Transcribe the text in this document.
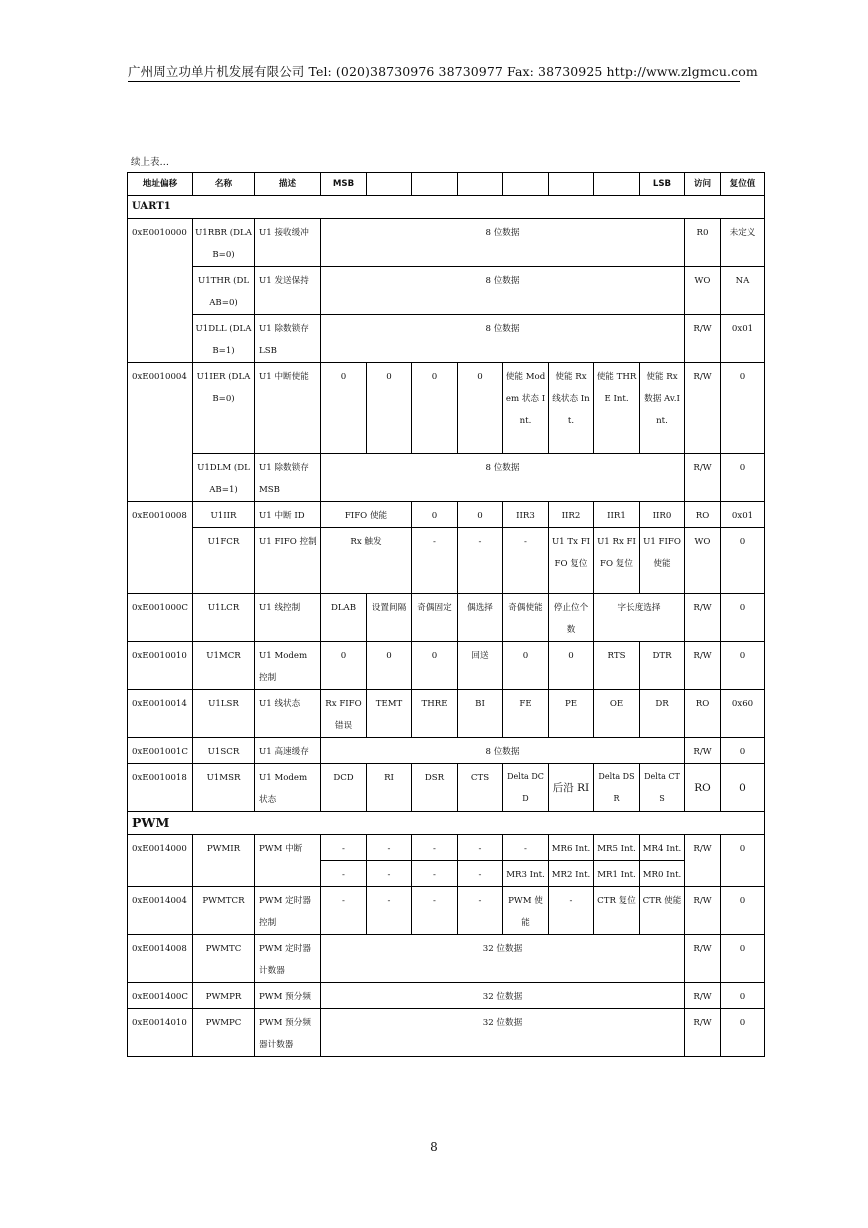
广州周立功单片机发展有限公司 Tel: (020)38730976 38730977 Fax: 38730925 http://www.zlgmcu.com
续上表…
地址偏移	名称	描述	MSB							LSB	访问	复位值
UART1												
0xE0010000	U1RBR (DLAB=0)	U1 接收缓冲	8 位数据								R0	未定义
	U1THR (DLAB=0)	U1 发送保持	8 位数据								WO	NA
	U1DLL (DLAB=1)	U1 除数锁存 LSB	8 位数据								R/W	0x01
0xE0010004	U1IER (DLAB=0)	U1 中断使能	0	0	0	0	使能 Modem 状态 Int.	使能 Rx 线状态 Int.	使能 THRE Int.	使能 Rx 数据 Av.Int.	R/W	0
	U1DLM (DLAB=1)	U1 除数锁存 MSB	8 位数据								R/W	0
0xE0010008	U1IIR	U1 中断 ID	FIFO 使能		0	0	IIR3	IIR2	IIR1	IIR0	RO	0x01
	U1FCR	U1 FIFO 控制	Rx 触发		-	-	-	U1 Tx FIFO 复位	U1 Rx FIFO 复位	U1 FIFO 使能	WO	0
0xE001000C	U1LCR	U1 线控制	DLAB	设置间隔	奇偶固定	偶选择	奇偶使能	停止位个数	字长度选择		R/W	0
0xE0010010	U1MCR	U1 Modem 控制	0	0	0	回送	0	0	RTS	DTR	R/W	0
0xE0010014	U1LSR	U1 线状态	Rx FIFO 错误	TEMT	THRE	BI	FE	PE	OE	DR	RO	0x60
0xE001001C	U1SCR	U1 高速缓存	8 位数据								R/W	0
0xE0010018	U1MSR	U1 Modem 状态	DCD	RI	DSR	CTS	Delta DCD	后沿 RI	Delta DSR	Delta CTS	RO	0
PWM												
0xE0014000	PWMIR	PWM 中断	-	-	-	-	-	MR6 Int.	MR5 Int.	MR4 Int.	R/W	0
			-	-	-	-	MR3 Int.	MR2 Int.	MR1 Int.	MR0 Int.		
0xE0014004	PWMTCR	PWM 定时器控制	-	-	-	-	PWM 使能	-	CTR 复位	CTR 使能	R/W	0
0xE0014008	PWMTC	PWM 定时器计数器	32 位数据								R/W	0
0xE001400C	PWMPR	PWM 预分频	32 位数据								R/W	0
0xE0014010	PWMPC	PWM 预分频器计数器	32 位数据								R/W	0
8
